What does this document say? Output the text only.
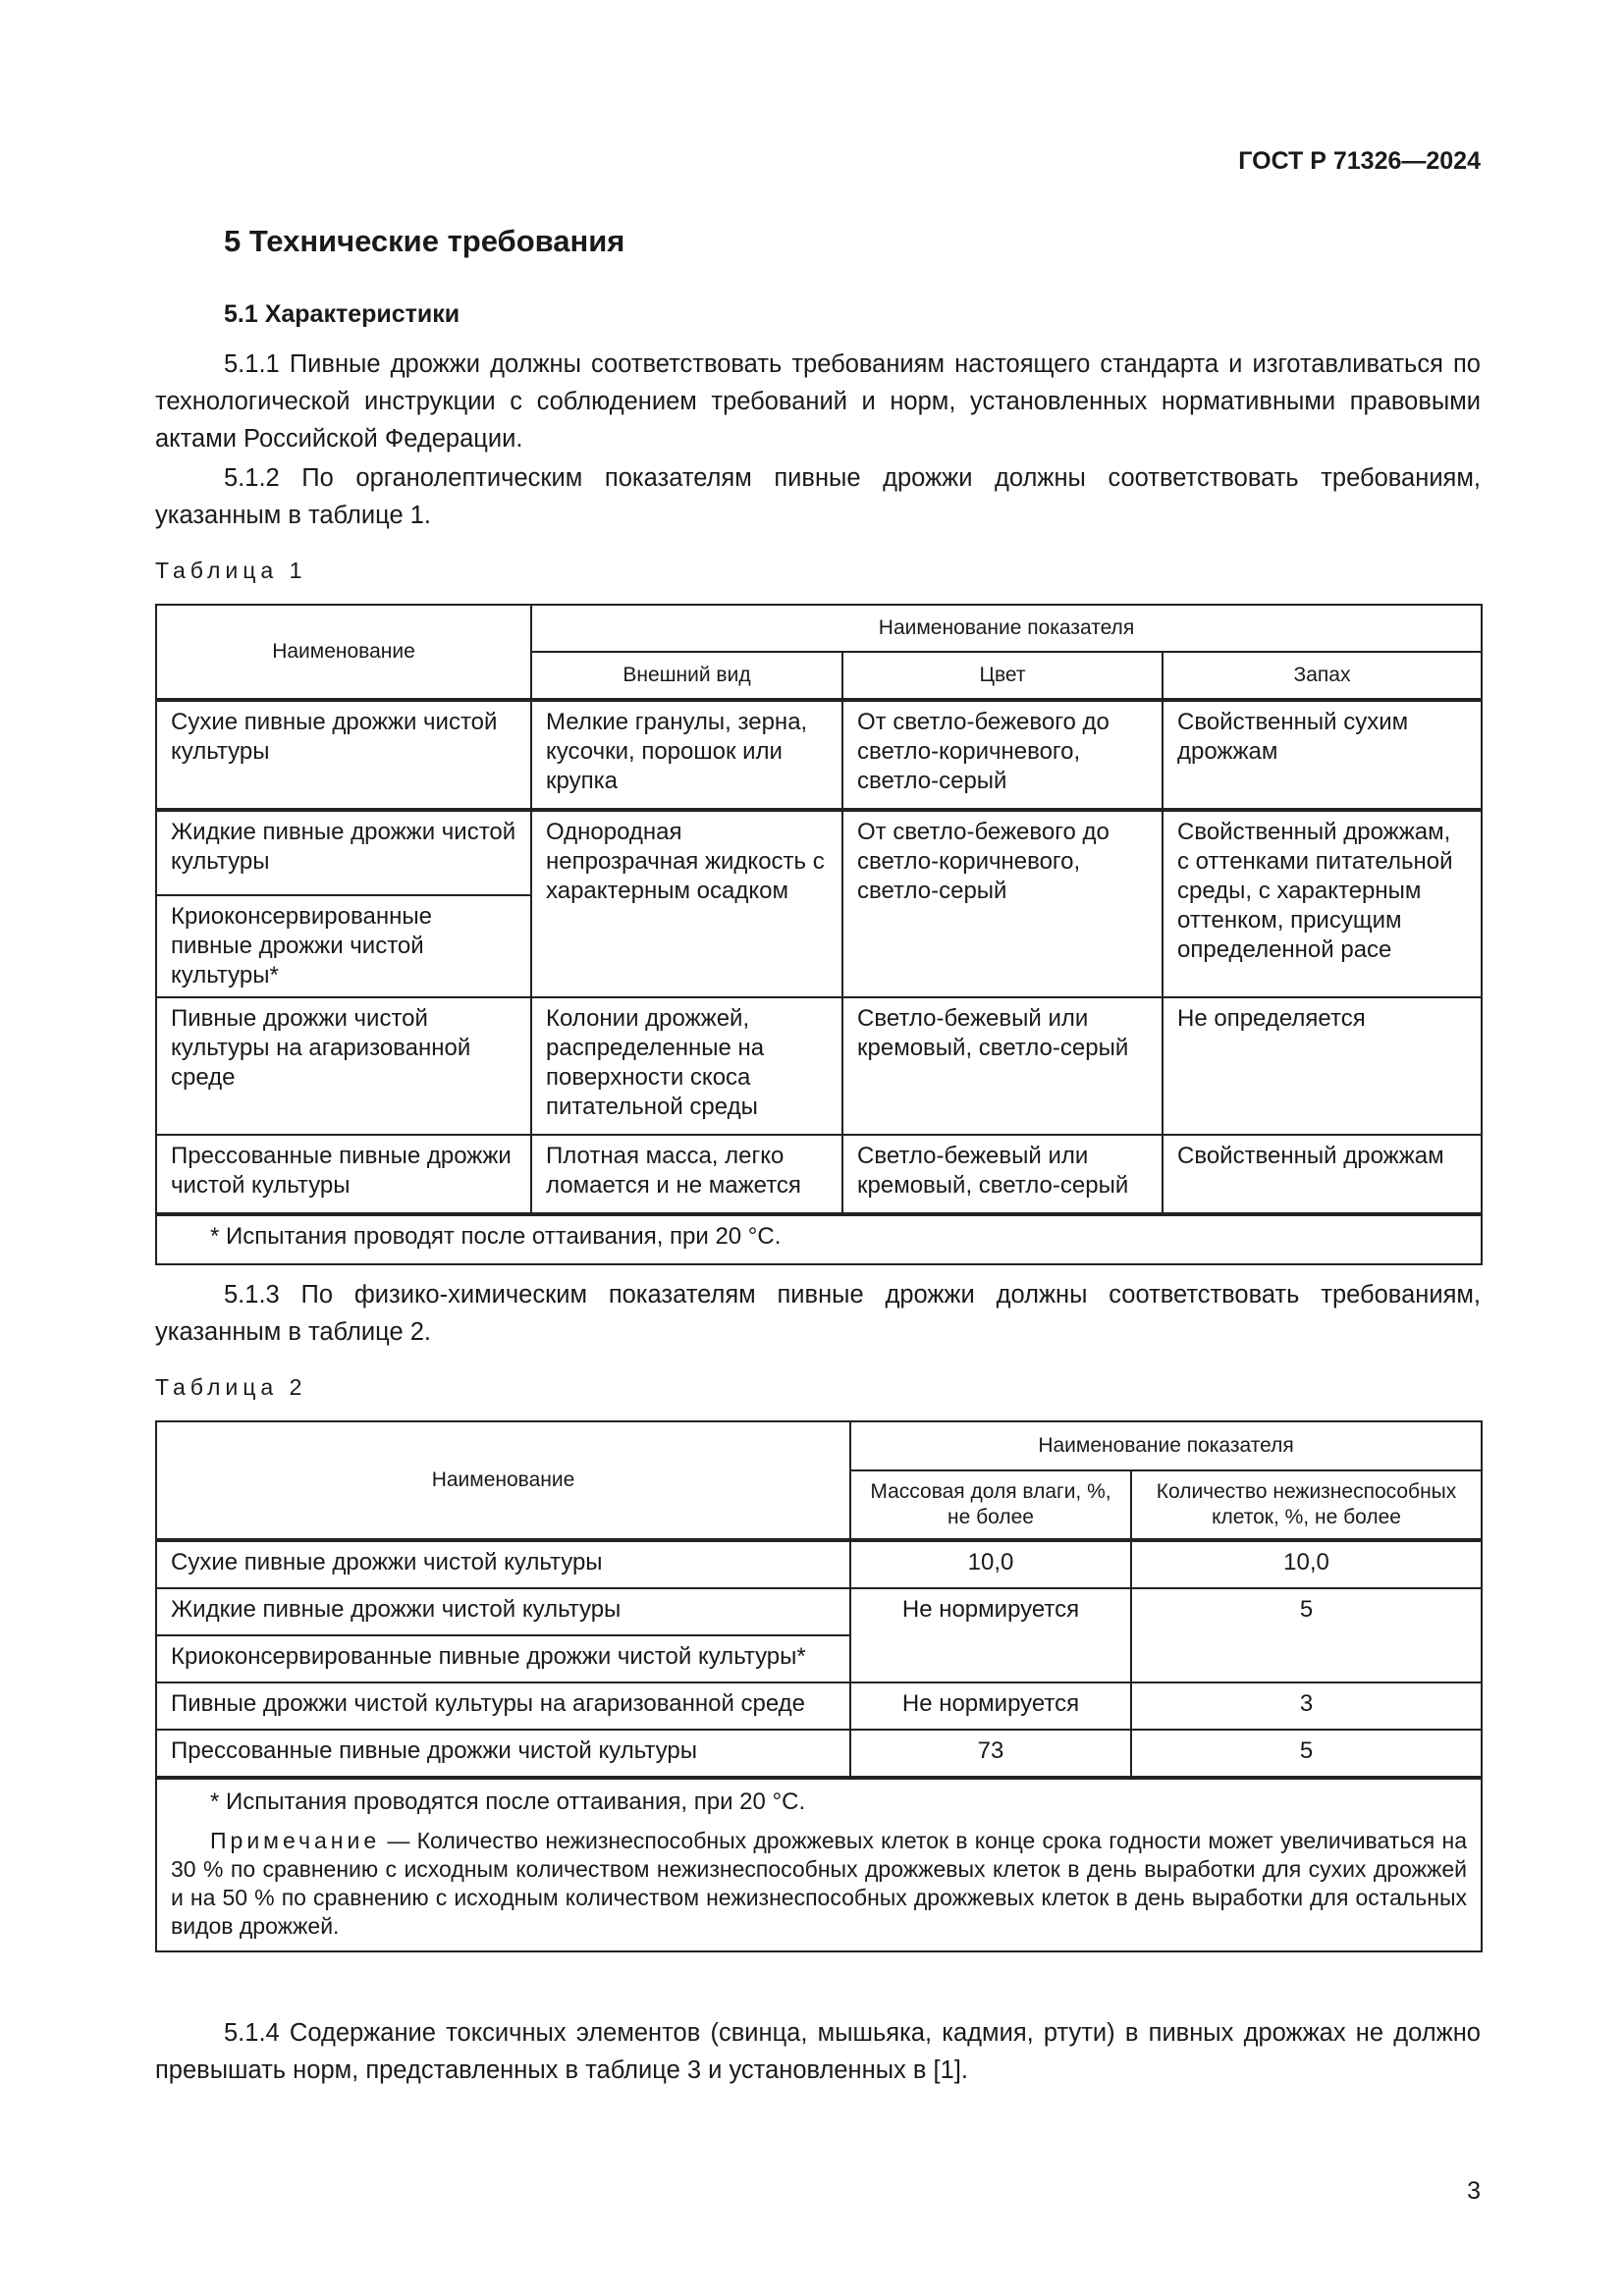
ГОСТ Р 71326—2024
5 Технические требования
5.1 Характеристики

5.1.1 Пивные дрожжи должны соответствовать требованиям настоящего стандарта и изготавливаться по технологической инструкции с соблюдением требований и норм, установленных нормативными правовыми актами Российской Федерации.

5.1.2 По органолептическим показателям пивные дрожжи должны соответствовать требованиям, указанным в таблице 1.

Таблица 1
Наименование	Наименование показателя		
	Внешний вид	Цвет	Запах
Сухие пивные дрожжи чистой культуры	Мелкие гранулы, зерна, кусочки, порошок или крупка	От светло-бежевого до светло-коричневого, светло-серый	Свойственный сухим дрожжам
Жидкие пивные дрожжи чистой культуры	Однородная непрозрачная жидкость с характерным осадком	От светло-бежевого до светло-коричневого, светло-серый	Свойственный дрожжам, с оттенками питательной среды, с характерным оттенком, присущим определенной расе
Криоконсервированные пивные дрожжи чистой культуры*			
Пивные дрожжи чистой культуры на агаризованной среде	Колонии дрожжей, распределенные на поверхности скоса питательной среды	Светло-бежевый или кремовый, светло-серый	Не определяется
Прессованные пивные дрожжи чистой культуры	Плотная масса, легко ломается и не мажется	Светло-бежевый или кремовый, светло-серый	Свойственный дрожжам
* Испытания проводят после оттаивания, при 20 °C.			

5.1.3 По физико-химическим показателям пивные дрожжи должны соответствовать требованиям, указанным в таблице 2.

Таблица 2
Наименование	Наименование показателя	
	Массовая доля влаги, %, не более	Количество нежизнеспособных клеток, %, не более
Сухие пивные дрожжи чистой культуры	10,0	10,0
Жидкие пивные дрожжи чистой культуры	Не нормируется	5
Криоконсервированные пивные дрожжи чистой культуры*		
Пивные дрожжи чистой культуры на агаризованной среде	Не нормируется	3
Прессованные пивные дрожжи чистой культуры	73	5

* Испытания проводятся после оттаивания, при 20 °C.
Примечание — Количество нежизнеспособных дрожжевых клеток в конце срока годности может увеличиваться на 30 % по сравнению с исходным количеством нежизнеспособных дрожжевых клеток в день выработки для сухих дрожжей и на 50 % по сравнению с исходным количеством нежизнеспособных дрожжевых клеток в день выработки для остальных видов дрожжей.		

5.1.4 Содержание токсичных элементов (свинца, мышьяка, кадмия, ртути) в пивных дрожжах не должно превышать норм, представленных в таблице 3 и установленных в [1].

3
